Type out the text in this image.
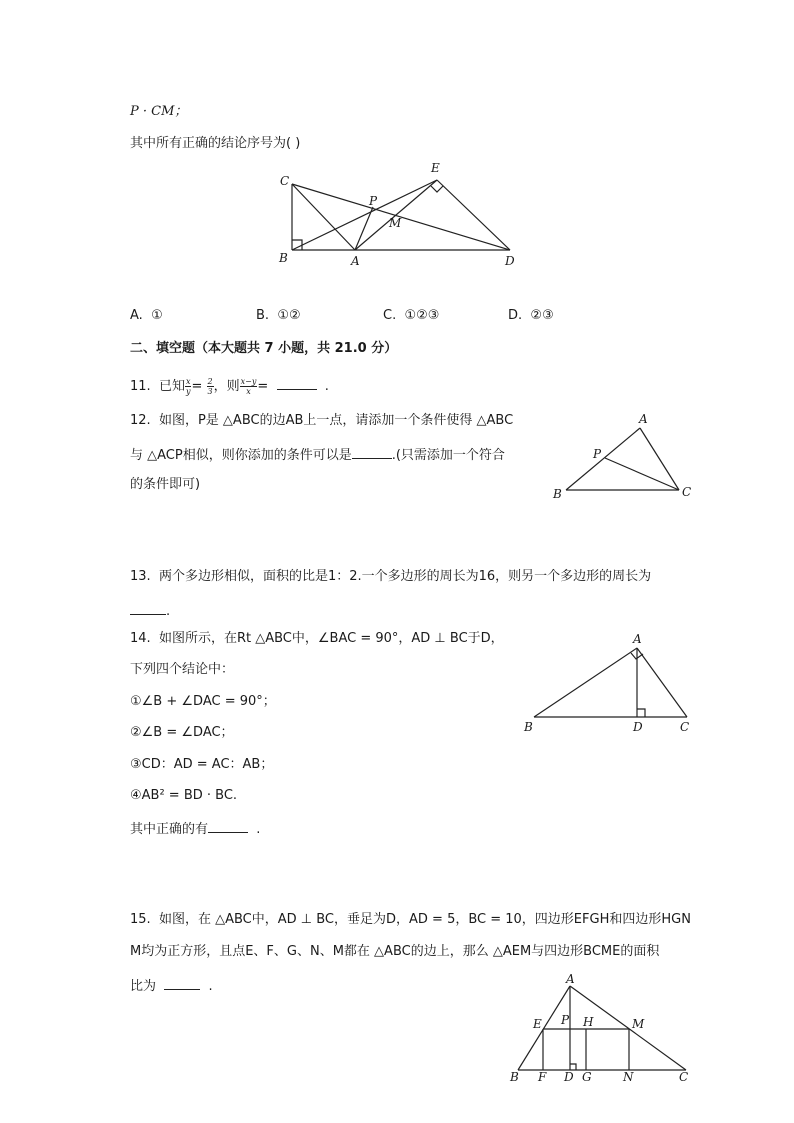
P · CM；
其中所有正确的结论序号为( )
C
E
P
M
B	A	D
A. ①	B. ①②	C. ①②③	D. ②③
二、填空题（本大题共 7 小题，共 21.0 分）
11. 已知 $\frac{x}{y} = \frac{2}{3}$ ，则 $\frac{x-y}{x}$ =	.
12. 如图，P是 △ABC的边AB上一点，请添加一个条件使得 △ABC
与 △ACP相似，则你添加的条件可以是	.(只需添加一个符合
的条件即可)
A
P
B	C
13. 两个多边形相似，面积的比是1：2.一个多边形的周长为16，则另一个多边形的周长为
.
14. 如图所示，在Rt △ABC中，∠BAC = 90°，AD ⊥ BC于D，
下列四个结论中：
①∠B + ∠DAC = 90°；
②∠B = ∠DAC；
③CD：AD = AC：AB；
④AB² = BD · BC.
其中正确的有	.
A
B	D	C
15. 如图，在 △ABC中，AD ⊥ BC，垂足为D，AD = 5，BC = 10，四边形EFGH和四边形HGN
M均为正方形，且点E、F、G、N、M都在 △ABC的边上，那么 △AEM与四边形BCME的面积
比为	.	A
E P H	M
B F D G	N	C
